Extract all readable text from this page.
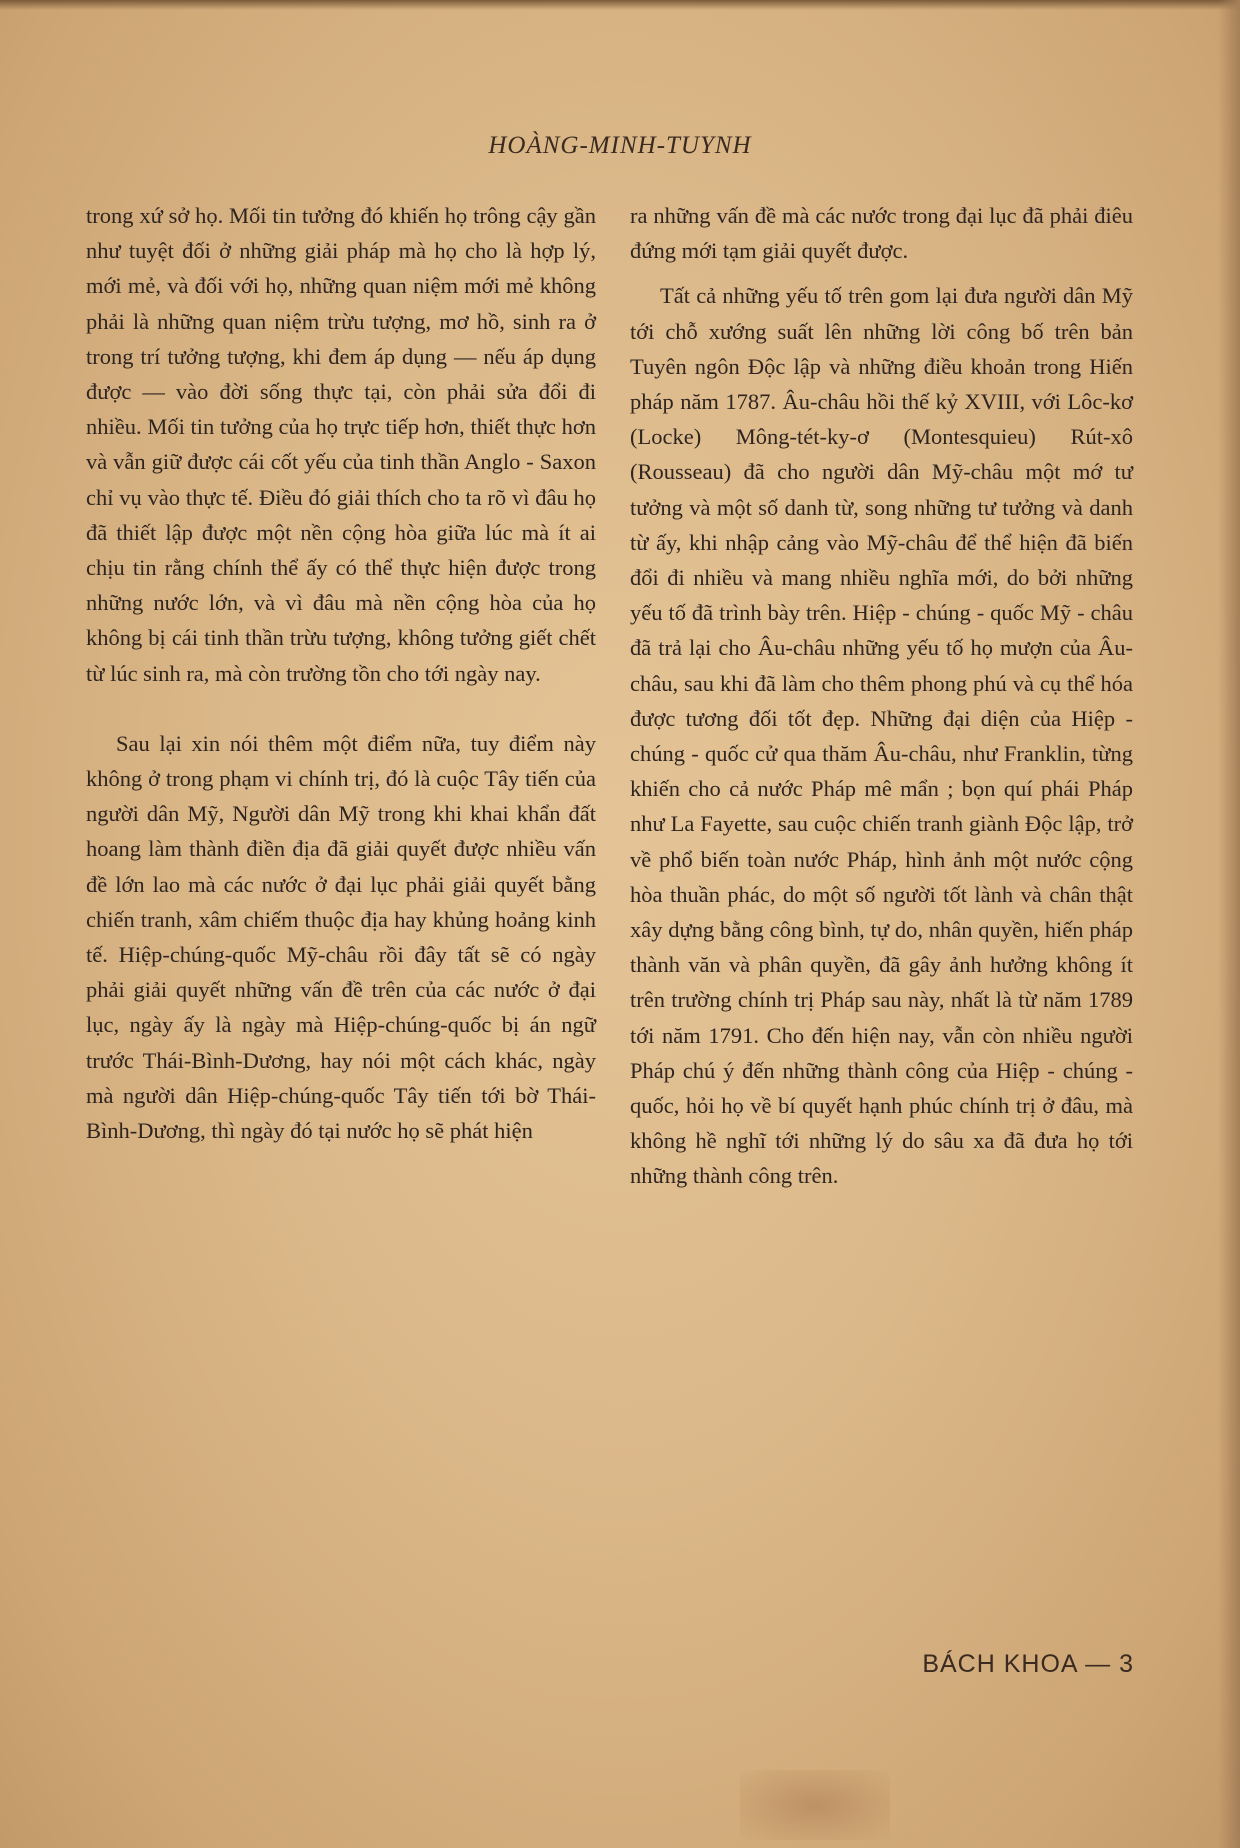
HOÀNG-MINH-TUYNH

trong xứ sở họ. Mối tin tưởng đó khiến họ trông cậy gần như tuyệt đối ở những giải pháp mà họ cho là hợp lý, mới mẻ, và đối với họ, những quan niệm mới mẻ không phải là những quan niệm trừu tượng, mơ hồ, sinh ra ở trong trí tưởng tượng, khi đem áp dụng — nếu áp dụng được — vào đời sống thực tại, còn phải sửa đổi đi nhiều. Mối tin tưởng của họ trực tiếp hơn, thiết thực hơn và vẫn giữ được cái cốt yếu của tinh thần Anglo - Saxon chỉ vụ vào thực tế. Điều đó giải thích cho ta rõ vì đâu họ đã thiết lập được một nền cộng hòa giữa lúc mà ít ai chịu tin rằng chính thể ấy có thể thực hiện được trong những nước lớn, và vì đâu mà nền cộng hòa của họ không bị cái tinh thần trừu tượng, không tưởng giết chết từ lúc sinh ra, mà còn trường tồn cho tới ngày nay.

Sau lại xin nói thêm một điểm nữa, tuy điểm này không ở trong phạm vi chính trị, đó là cuộc Tây tiến của người dân Mỹ, Người dân Mỹ trong khi khai khẩn đất hoang làm thành điền địa đã giải quyết được nhiều vấn đề lớn lao mà các nước ở đại lục phải giải quyết bằng chiến tranh, xâm chiếm thuộc địa hay khủng hoảng kinh tế. Hiệp-chúng-quốc Mỹ-châu rồi đây tất sẽ có ngày phải giải quyết những vấn đề trên của các nước ở đại lục, ngày ấy là ngày mà Hiệp-chúng-quốc bị án ngữ trước Thái-Bình-Dương, hay nói một cách khác, ngày mà người dân Hiệp-chúng-quốc Tây tiến tới bờ Thái-Bình-Dương, thì ngày đó tại nước họ sẽ phát hiện

ra những vấn đề mà các nước trong đại lục đã phải điêu đứng mới tạm giải quyết được.

Tất cả những yếu tố trên gom lại đưa người dân Mỹ tới chỗ xướng suất lên những lời công bố trên bản Tuyên ngôn Độc lập và những điều khoản trong Hiến pháp năm 1787. Âu-châu hồi thế kỷ XVIII, với Lôc-kơ (Locke) Mông-tét-ky-ơ (Montesquieu) Rút-xô (Rousseau) đã cho người dân Mỹ-châu một mớ tư tưởng và một số danh từ, song những tư tưởng và danh từ ấy, khi nhập cảng vào Mỹ-châu để thể hiện đã biến đổi đi nhiều và mang nhiều nghĩa mới, do bởi những yếu tố đã trình bày trên. Hiệp - chúng - quốc Mỹ - châu đã trả lại cho Âu-châu những yếu tố họ mượn của Âu-châu, sau khi đã làm cho thêm phong phú và cụ thể hóa được tương đối tốt đẹp. Những đại diện của Hiệp - chúng - quốc cử qua thăm Âu-châu, như Franklin, từng khiến cho cả nước Pháp mê mẩn ; bọn quí phái Pháp như La Fayette, sau cuộc chiến tranh giành Độc lập, trở về phổ biến toàn nước Pháp, hình ảnh một nước cộng hòa thuần phác, do một số người tốt lành và chân thật xây dựng bằng công bình, tự do, nhân quyền, hiến pháp thành văn và phân quyền, đã gây ảnh hưởng không ít trên trường chính trị Pháp sau này, nhất là từ năm 1789 tới năm 1791. Cho đến hiện nay, vẫn còn nhiều người Pháp chú ý đến những thành công của Hiệp - chúng - quốc, hỏi họ về bí quyết hạnh phúc chính trị ở đâu, mà không hề nghĩ tới những lý do sâu xa đã đưa họ tới những thành công trên.

BÁCH KHOA — 3
